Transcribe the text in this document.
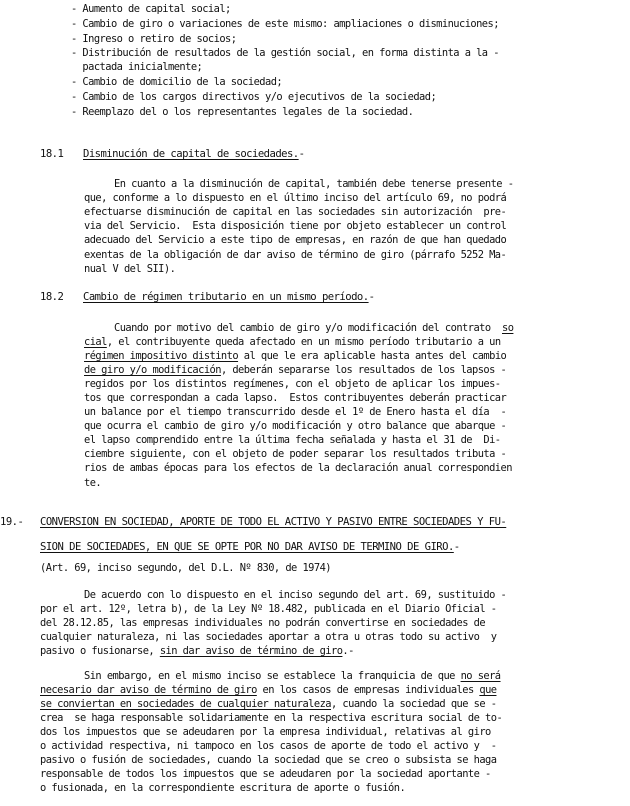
- Aumento de capital social;
- Cambio de giro o variaciones de este mismo: ampliaciones o disminuciones;
- Ingreso o retiro de socios;
- Distribución de resultados de la gestión social, en forma distinta a la -
pactada inicialmente;
- Cambio de domicilio de la sociedad;
- Cambio de los cargos directivos y/o ejecutivos de la sociedad;
- Reemplazo del o los representantes legales de la sociedad.
18.1 Disminución de capital de sociedades.-
En cuanto a la disminución de capital, también debe tenerse presente -
que, conforme a lo dispuesto en el último inciso del artículo 69, no podrá
efectuarse disminución de capital en las sociedades sin autorización  pre-
via del Servicio.  Esta disposición tiene por objeto establecer un control
adecuado del Servicio a este tipo de empresas, en razón de que han quedado
exentas de la obligación de dar aviso de término de giro (párrafo 5252 Ma-
nual V del SII).
18.2 Cambio de régimen tributario en un mismo período.-
Cuando por motivo del cambio de giro y/o modificación del contrato  so
cial, el contribuyente queda afectado en un mismo período tributario a un
régimen impositivo distinto al que le era aplicable hasta antes del cambio
de giro y/o modificación, deberán separarse los resultados de los lapsos -
regidos por los distintos regímenes, con el objeto de aplicar los impues-
tos que correspondan a cada lapso.  Estos contribuyentes deberán practicar
un balance por el tiempo transcurrido desde el 1º de Enero hasta el día  -
que ocurra el cambio de giro y/o modificación y otro balance que abarque -
el lapso comprendido entre la última fecha señalada y hasta el 31 de  Di-
ciembre siguiente, con el objeto de poder separar los resultados tributa -
rios de ambas épocas para los efectos de la declaración anual correspondien
te.
19.- CONVERSION EN SOCIEDAD, APORTE DE TODO EL ACTIVO Y PASIVO ENTRE SOCIEDADES Y FU-
SION DE SOCIEDADES, EN QUE SE OPTE POR NO DAR AVISO DE TERMINO DE GIRO.-
(Art. 69, inciso segundo, del D.L. Nº 830, de 1974)
De acuerdo con lo dispuesto en el inciso segundo del art. 69, sustituido -
por el art. 12º, letra b), de la Ley Nº 18.482, publicada en el Diario Oficial -
del 28.12.85, las empresas individuales no podrán convertirse en sociedades de
cualquier naturaleza, ni las sociedades aportar a otra u otras todo su activo  y
pasivo o fusionarse, sin dar aviso de término de giro.-
Sin embargo, en el mismo inciso se establece la franquicia de que no será
necesario dar aviso de término de giro en los casos de empresas individuales que
se conviertan en sociedades de cualquier naturaleza, cuando la sociedad que se -
crea  se haga responsable solidariamente en la respectiva escritura social de to-
dos los impuestos que se adeudaren por la empresa individual, relativas al giro
o actividad respectiva, ni tampoco en los casos de aporte de todo el activo y  -
pasivo o fusión de sociedades, cuando la sociedad que se creo o subsista se haga
responsable de todos los impuestos que se adeudaren por la sociedad aportante -
o fusionada, en la correspondiente escritura de aporte o fusión.
